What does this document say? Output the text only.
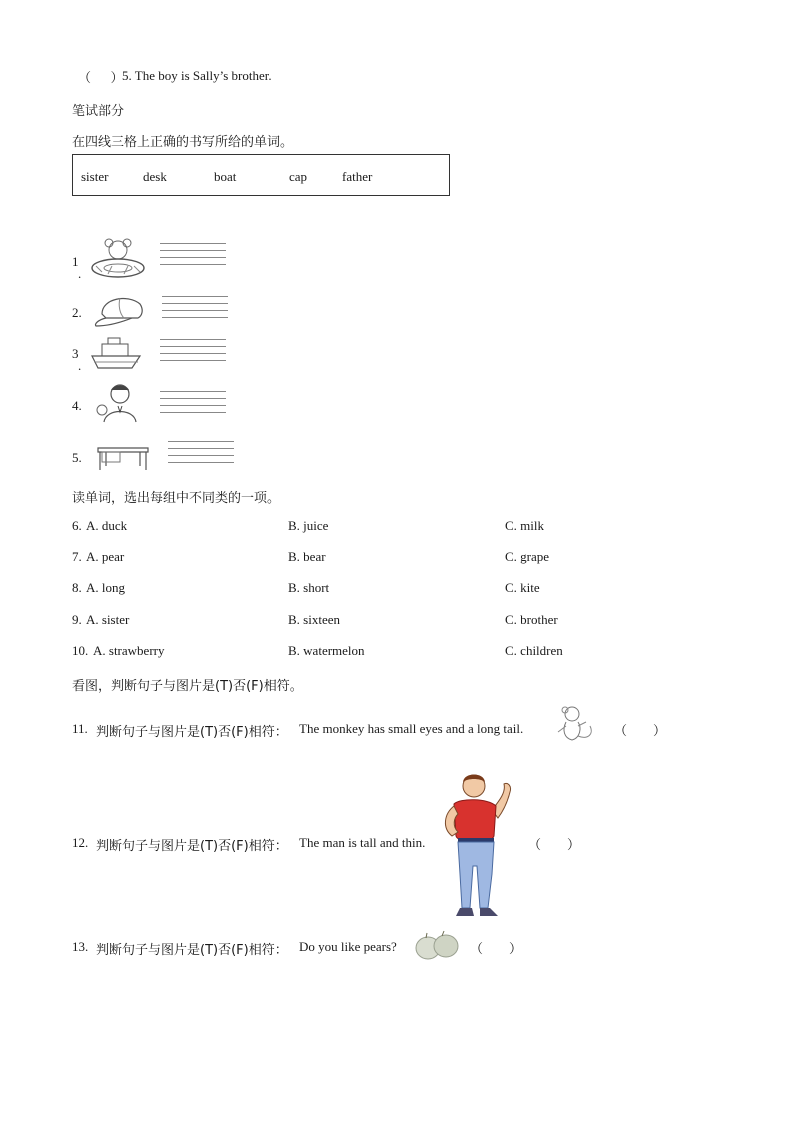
（      ）
5. The boy is Sally’s brother.
笔试部分
在四线三格上正确的书写所给的单词。
sister	desk	boat	cap	father
1
.
2.
3
.
4.
5.
读单词，选出每组中不同类的一项。
6. A. duck	B. juice	C. milk
7. A. pear	B. bear	C. grape
8. A. long	B. short	C. kite
9. A. sister	B. sixteen	C. brother
10. A. strawberry	B. watermelon	C. children
看图，判断句子与图片是(T)否(F)相符。
11. 判断句子与图片是(T)否(F)相符： The monkey has small eyes and a long tail.	（        ）
12. 判断句子与图片是(T)否(F)相符： The man is tall and thin.	（        ）
13. 判断句子与图片是(T)否(F)相符： Do you like pears?	（        ）
